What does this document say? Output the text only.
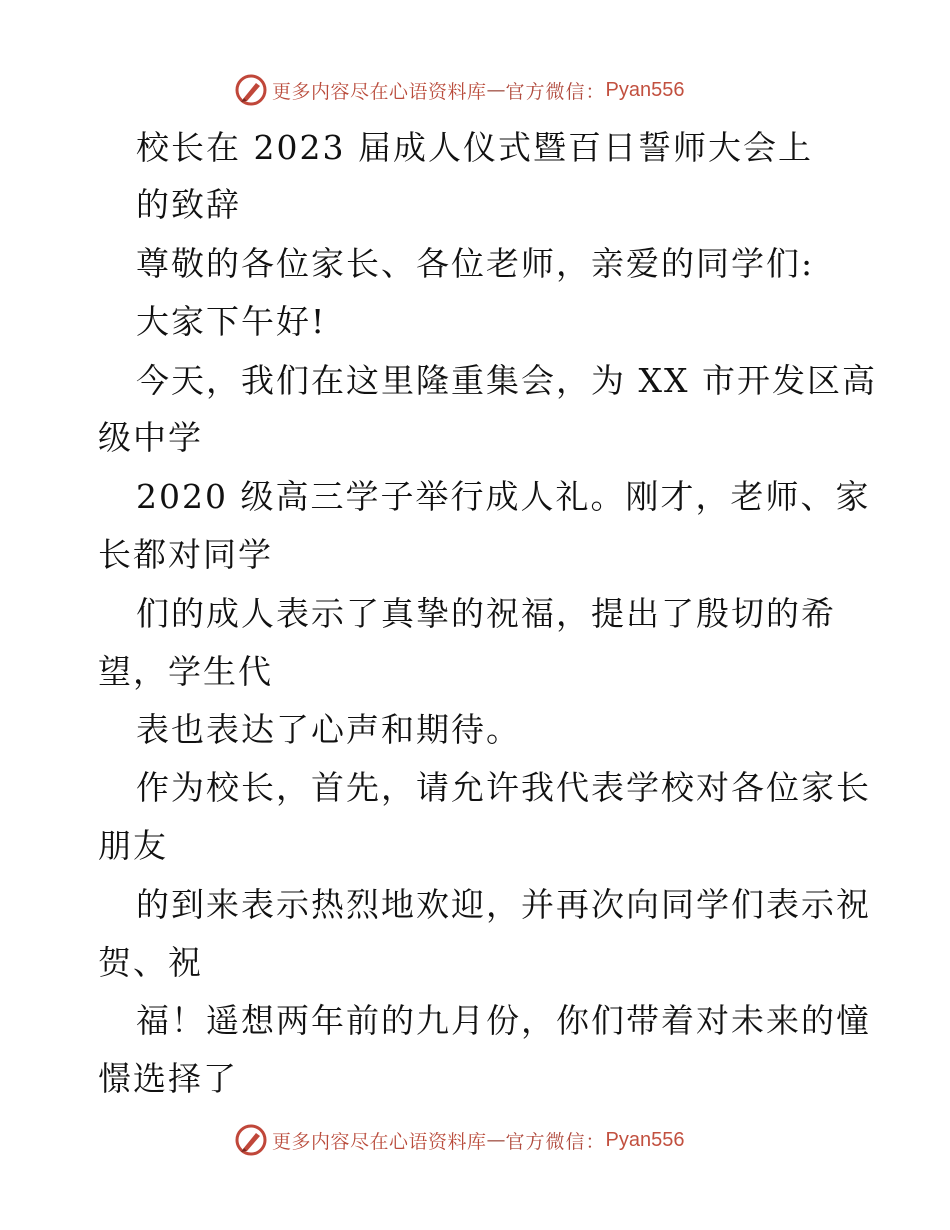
更多内容尽在心语资料库 — 官方微信： Pyan556
校长在 2023 届成人仪式暨百日誓师大会上
的致辞
尊敬的各位家长、各位老师，亲爱的同学们:
大家下午好!
今天，我们在这里隆重集会，为 XX 市开发区高
级中学
2020 级高三学子举行成人礼。刚才，老师、家
长都对同学
们的成人表示了真挚的祝福，提出了殷切的希
望，学生代
表也表达了心声和期待。
作为校长，首先，请允许我代表学校对各位家长
朋友
的到来表示热烈地欢迎，并再次向同学们表示祝
贺、祝
福！遥想两年前的九月份，你们带着对未来的憧
憬选择了
更多内容尽在心语资料库 — 官方微信： Pyan556
